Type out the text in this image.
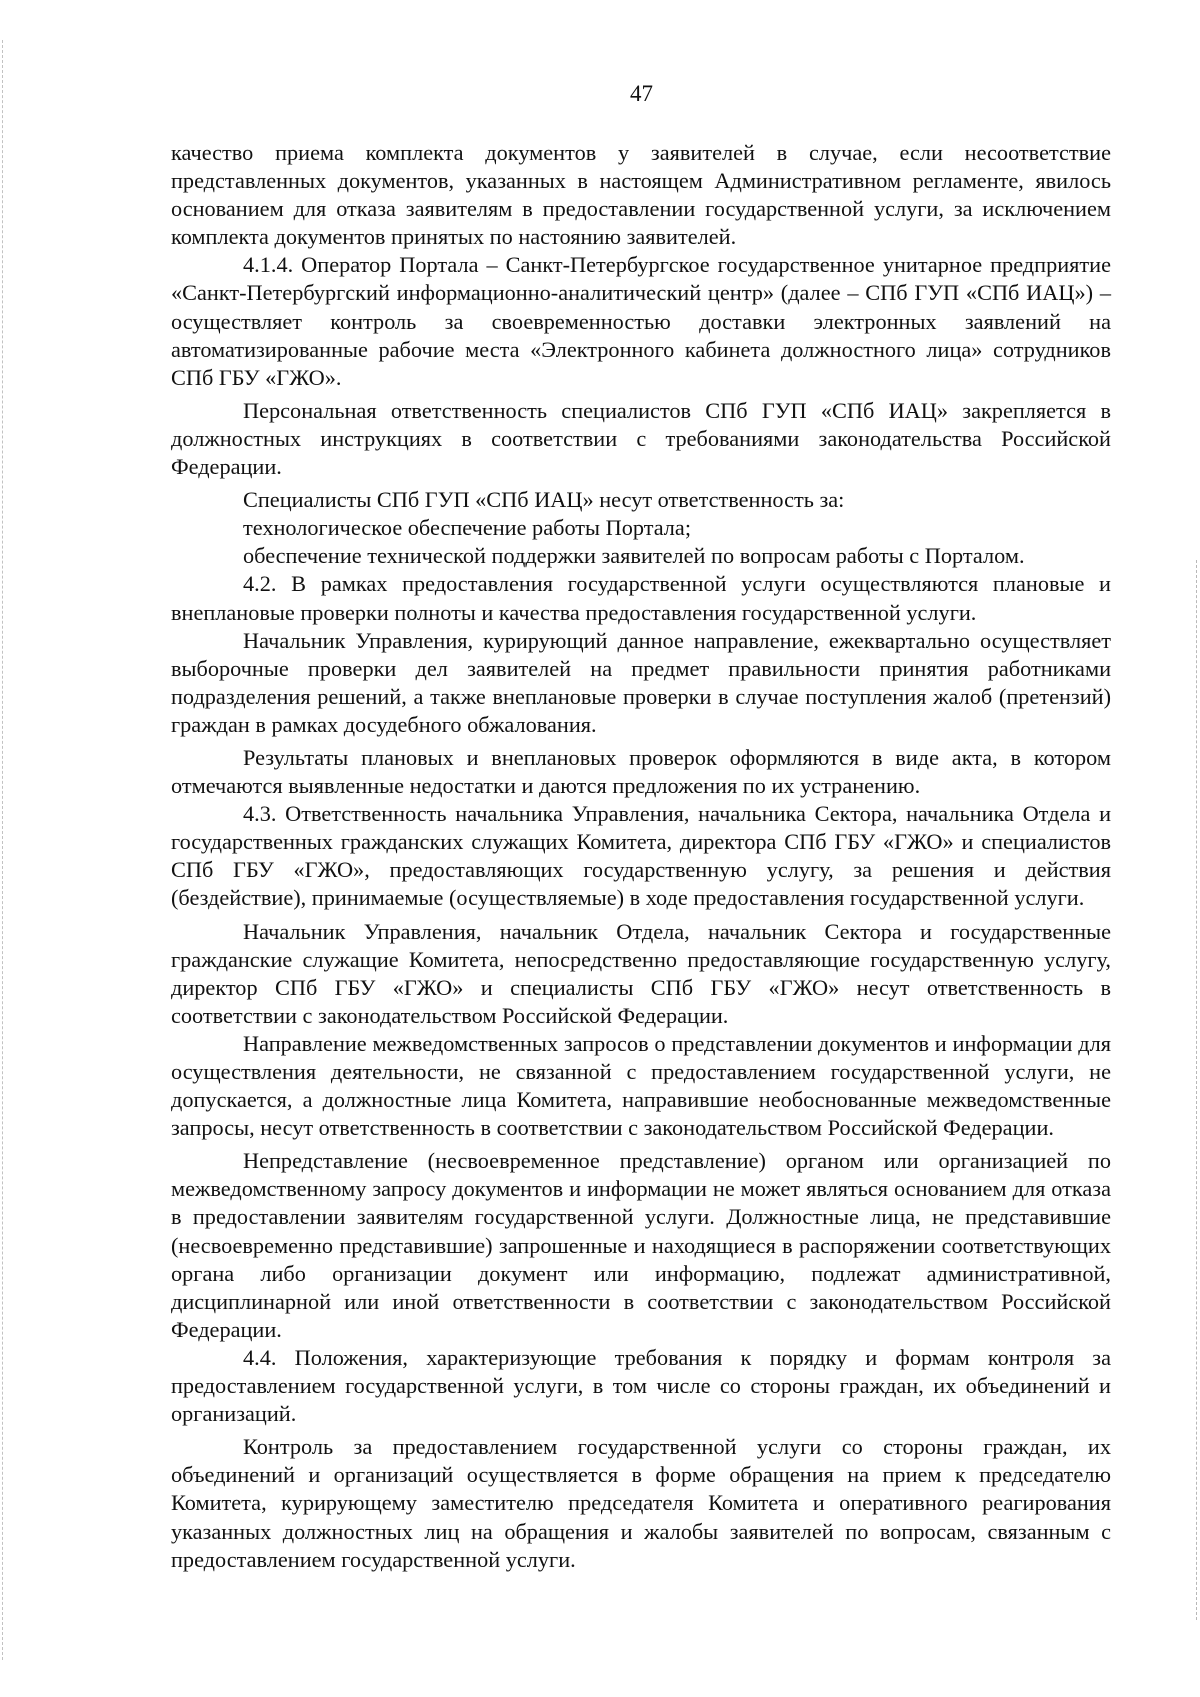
47

качество приема комплекта документов у заявителей в случае, если несоответствие представленных документов, указанных в настоящем Административном регламенте, явилось основанием для отказа заявителям в предоставлении государственной услуги, за исключением комплекта документов принятых по настоянию заявителей.

4.1.4. Оператор Портала – Санкт-Петербургское государственное унитарное предприятие «Санкт-Петербургский информационно-аналитический центр» (далее – СПб ГУП «СПб ИАЦ») – осуществляет контроль за своевременностью доставки электронных заявлений на автоматизированные рабочие места «Электронного кабинета должностного лица» сотрудников СПб ГБУ «ГЖО».

Персональная ответственность специалистов СПб ГУП «СПб ИАЦ» закрепляется в должностных инструкциях в соответствии с требованиями законодательства Российской Федерации.

Специалисты СПб ГУП «СПб ИАЦ» несут ответственность за:

технологическое обеспечение работы Портала;

обеспечение технической поддержки заявителей по вопросам работы с Порталом.

4.2. В рамках предоставления государственной услуги осуществляются плановые и внеплановые проверки полноты и качества предоставления государственной услуги.

Начальник Управления, курирующий данное направление, ежеквартально осуществляет выборочные проверки дел заявителей на предмет правильности принятия работниками подразделения решений, а также внеплановые проверки в случае поступления жалоб (претензий) граждан в рамках досудебного обжалования.

Результаты плановых и внеплановых проверок оформляются в виде акта, в котором отмечаются выявленные недостатки и даются предложения по их устранению.

4.3. Ответственность начальника Управления, начальника Сектора, начальника Отдела и государственных гражданских служащих Комитета, директора СПб ГБУ «ГЖО» и специалистов СПб ГБУ «ГЖО», предоставляющих государственную услугу, за решения и действия (бездействие), принимаемые (осуществляемые) в ходе предоставления государственной услуги.

Начальник Управления, начальник Отдела, начальник Сектора и государственные гражданские служащие Комитета, непосредственно предоставляющие государственную услугу, директор СПб ГБУ «ГЖО» и специалисты СПб ГБУ «ГЖО» несут ответственность в соответствии с законодательством Российской Федерации.

Направление межведомственных запросов о представлении документов и информации для осуществления деятельности, не связанной с предоставлением государственной услуги, не допускается, а должностные лица Комитета, направившие необоснованные межведомственные запросы, несут ответственность в соответствии с законодательством Российской Федерации.

Непредставление (несвоевременное представление) органом или организацией по межведомственному запросу документов и информации не может являться основанием для отказа в предоставлении заявителям государственной услуги. Должностные лица, не представившие (несвоевременно представившие) запрошенные и находящиеся в распоряжении соответствующих органа либо организации документ или информацию, подлежат административной, дисциплинарной или иной ответственности в соответствии с законодательством Российской Федерации.

4.4. Положения, характеризующие требования к порядку и формам контроля за предоставлением государственной услуги, в том числе со стороны граждан, их объединений и организаций.

Контроль за предоставлением государственной услуги со стороны граждан, их объединений и организаций осуществляется в форме обращения на прием к председателю Комитета, курирующему заместителю председателя Комитета и оперативного реагирования указанных должностных лиц на обращения и жалобы заявителей по вопросам, связанным с предоставлением государственной услуги.
